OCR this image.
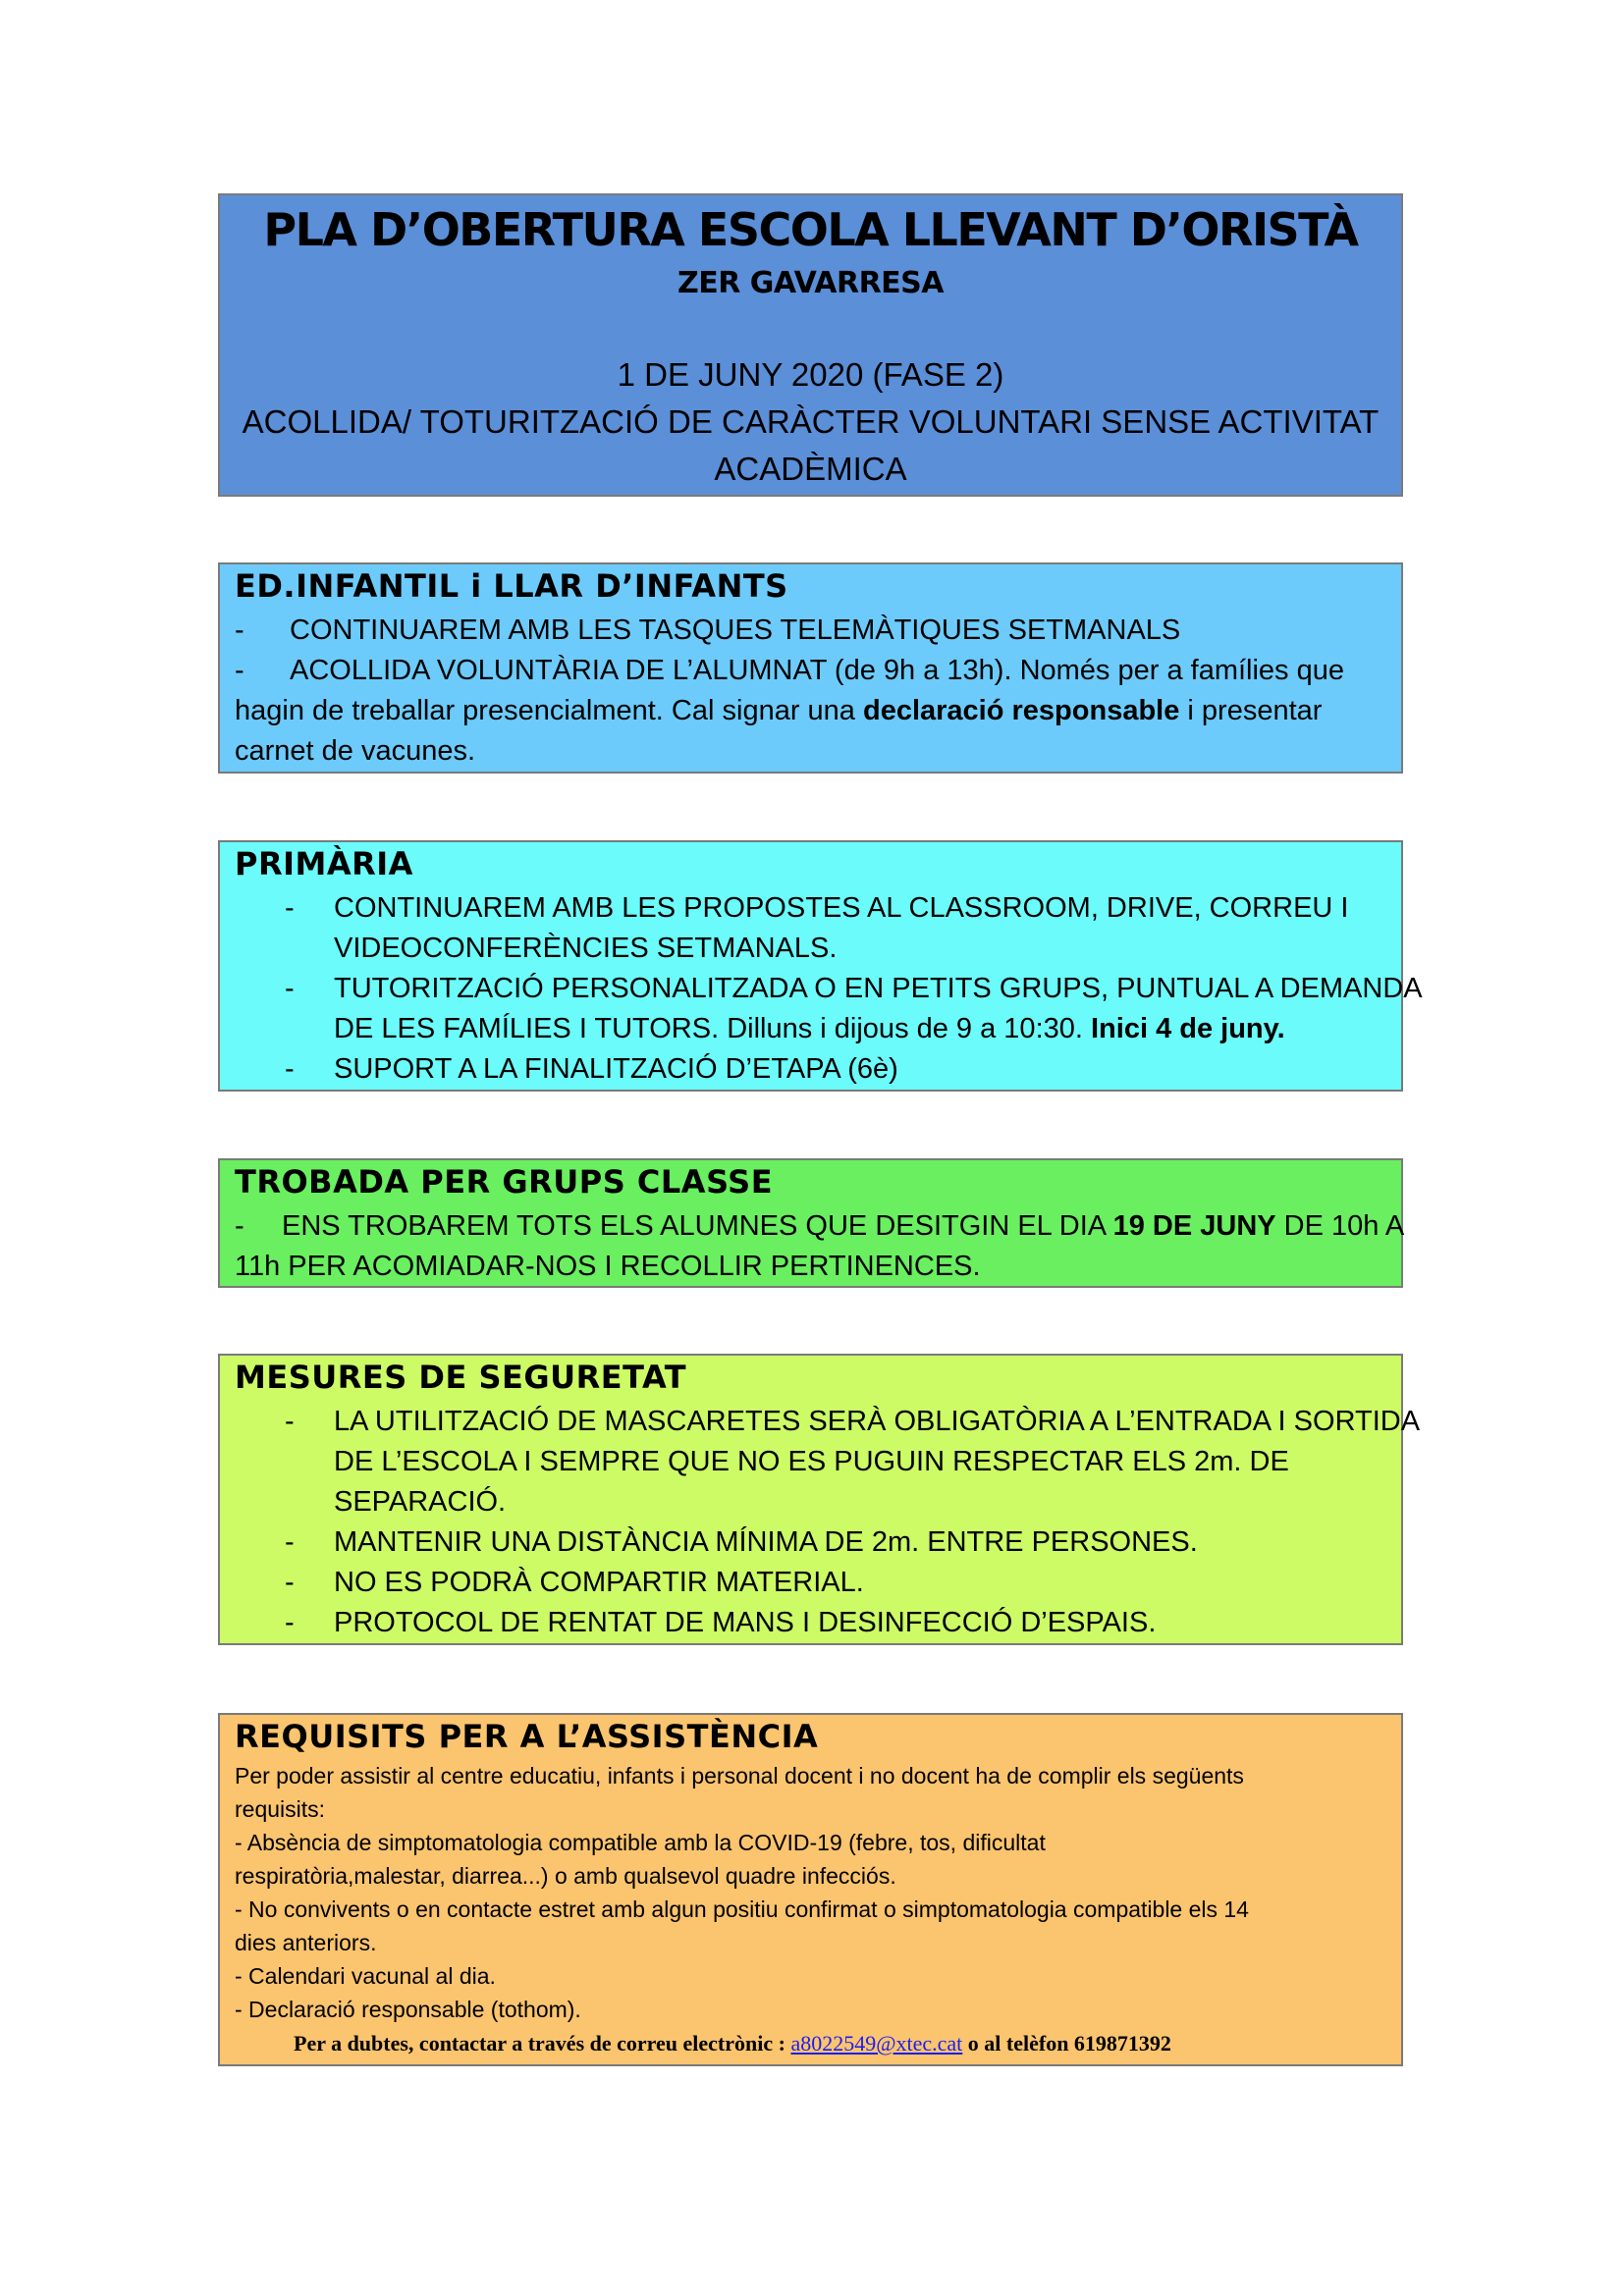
PLA D’OBERTURA ESCOLA LLEVANT D’ORISTÀ
ZER GAVARRESA
1 DE JUNY 2020 (FASE 2)
ACOLLIDA/ TOTURITZACIÓ DE CARÀCTER VOLUNTARI SENSE ACTIVITAT
ACADÈMICA
ED.INFANTIL i LLAR D’INFANTS
- CONTINUAREM AMB LES TASQUES TELEMÀTIQUES SETMANALS
- ACOLLIDA VOLUNTÀRIA DE L’ALUMNAT (de 9h a 13h). Només per a famílies que
hagin de treballar presencialment. Cal signar una declaració responsable i presentar
carnet de vacunes.
PRIMÀRIA
- CONTINUAREM AMB LES PROPOSTES AL CLASSROOM, DRIVE, CORREU I
VIDEOCONFERÈNCIES SETMANALS.
- TUTORITZACIÓ PERSONALITZADA O EN PETITS GRUPS, PUNTUAL A DEMANDA
DE LES FAMÍLIES I TUTORS. Dilluns i dijous de 9 a 10:30. Inici 4 de juny.
- SUPORT A LA FINALITZACIÓ D’ETAPA (6è)
TROBADA PER GRUPS CLASSE
- ENS TROBAREM TOTS ELS ALUMNES QUE DESITGIN EL DIA 19 DE JUNY DE 10h A
11h PER ACOMIADAR-NOS I RECOLLIR PERTINENCES.
MESURES DE SEGURETAT
- LA UTILITZACIÓ DE MASCARETES SERÀ OBLIGATÒRIA A L’ENTRADA I SORTIDA
DE L’ESCOLA I SEMPRE QUE NO ES PUGUIN RESPECTAR ELS 2m. DE
SEPARACIÓ.
- MANTENIR UNA DISTÀNCIA MÍNIMA DE 2m. ENTRE PERSONES.
- NO ES PODRÀ COMPARTIR MATERIAL.
- PROTOCOL DE RENTAT DE MANS I DESINFECCIÓ D’ESPAIS.
REQUISITS PER A L’ASSISTÈNCIA
Per poder assistir al centre educatiu, infants i personal docent i no docent ha de complir els següents
requisits:
- Absència de simptomatologia compatible amb la COVID-19 (febre, tos, dificultat
respiratòria,malestar, diarrea...) o amb qualsevol quadre infecciós.
- No convivents o en contacte estret amb algun positiu confirmat o simptomatologia compatible els 14
dies anteriors.
- Calendari vacunal al dia.
- Declaració responsable (tothom).
Per a dubtes, contactar a través de correu electrònic : a8022549@xtec.cat o al telèfon 619871392
